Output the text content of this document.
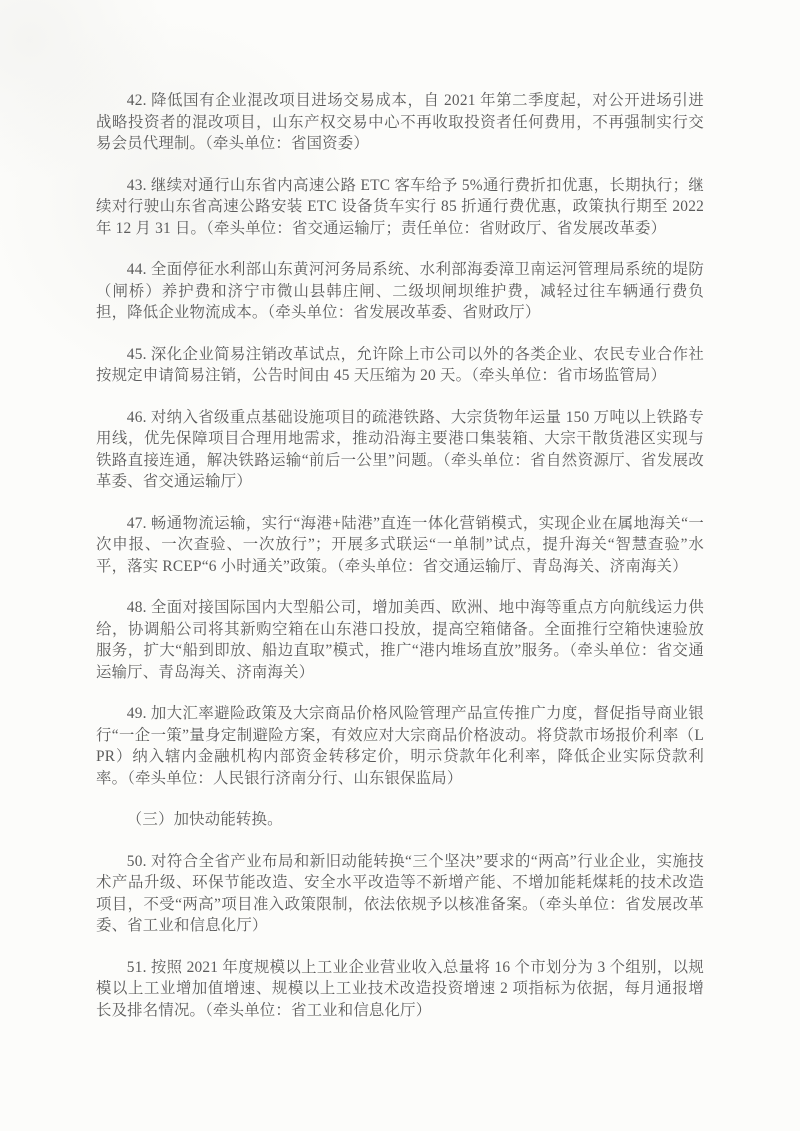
42. 降低国有企业混改项目进场交易成本，自 2021 年第二季度起，对公开进场引进战略投资者的混改项目，山东产权交易中心不再收取投资者任何费用，不再强制实行交易会员代理制。（牵头单位：省国资委）

43. 继续对通行山东省内高速公路 ETC 客车给予 5%通行费折扣优惠，长期执行；继续对行驶山东省高速公路安装 ETC 设备货车实行 85 折通行费优惠，政策执行期至 2022 年 12 月 31 日。（牵头单位：省交通运输厅；责任单位：省财政厅、省发展改革委）

44. 全面停征水利部山东黄河河务局系统、水利部海委漳卫南运河管理局系统的堤防（闸桥）养护费和济宁市微山县韩庄闸、二级坝闸坝维护费，减轻过往车辆通行费负担，降低企业物流成本。（牵头单位：省发展改革委、省财政厅）

45. 深化企业简易注销改革试点，允许除上市公司以外的各类企业、农民专业合作社按规定申请简易注销，公告时间由 45 天压缩为 20 天。（牵头单位：省市场监管局）

46. 对纳入省级重点基础设施项目的疏港铁路、大宗货物年运量 150 万吨以上铁路专用线，优先保障项目合理用地需求，推动沿海主要港口集装箱、大宗干散货港区实现与铁路直接连通，解决铁路运输“前后一公里”问题。（牵头单位：省自然资源厅、省发展改革委、省交通运输厅）

47. 畅通物流运输，实行“海港+陆港”直连一体化营销模式，实现企业在属地海关“一次申报、一次查验、一次放行”；开展多式联运“一单制”试点，提升海关“智慧查验”水平，落实 RCEP“6 小时通关”政策。（牵头单位：省交通运输厅、青岛海关、济南海关）

48. 全面对接国际国内大型船公司，增加美西、欧洲、地中海等重点方向航线运力供给，协调船公司将其新购空箱在山东港口投放，提高空箱储备。全面推行空箱快速验放服务，扩大“船到即放、船边直取”模式，推广“港内堆场直放”服务。（牵头单位：省交通运输厅、青岛海关、济南海关）

49. 加大汇率避险政策及大宗商品价格风险管理产品宣传推广力度，督促指导商业银行“一企一策”量身定制避险方案，有效应对大宗商品价格波动。将贷款市场报价利率（LPR）纳入辖内金融机构内部资金转移定价，明示贷款年化利率，降低企业实际贷款利率。（牵头单位：人民银行济南分行、山东银保监局）

（三）加快动能转换。

50. 对符合全省产业布局和新旧动能转换“三个坚决”要求的“两高”行业企业，实施技术产品升级、环保节能改造、安全水平改造等不新增产能、不增加能耗煤耗的技术改造项目，不受“两高”项目准入政策限制，依法依规予以核准备案。（牵头单位：省发展改革委、省工业和信息化厅）

51. 按照 2021 年度规模以上工业企业营业收入总量将 16 个市划分为 3 个组别，以规模以上工业增加值增速、规模以上工业技术改造投资增速 2 项指标为依据，每月通报增长及排名情况。（牵头单位：省工业和信息化厅）
